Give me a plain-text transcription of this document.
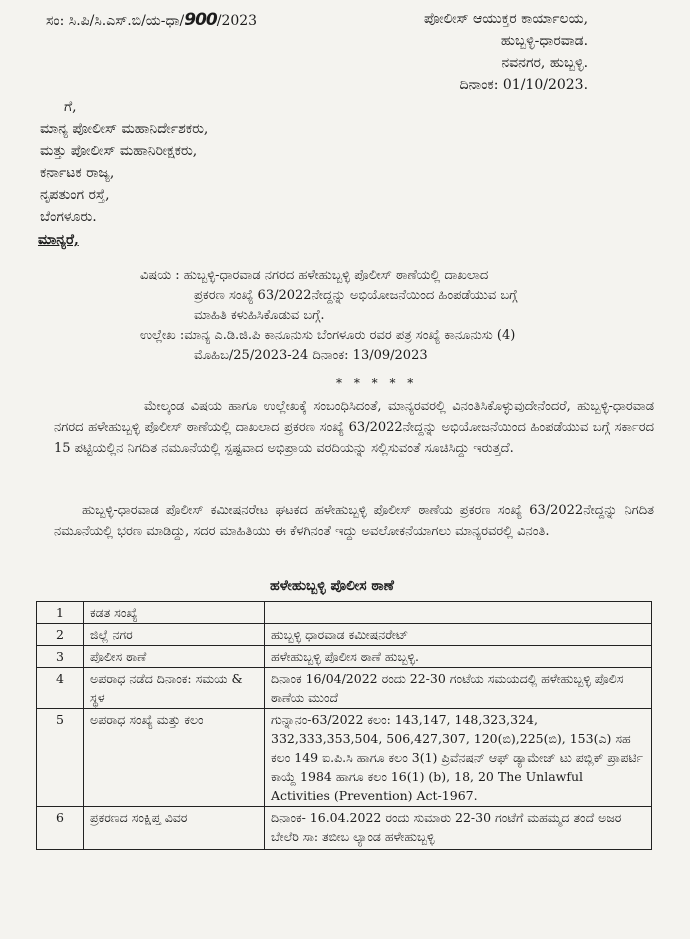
ಸಂ: ಸಿ.ಪಿ/ಸಿ.ಎಸ್.ಬಿ/ಯ-ಧಾ/900/2023	ಪೋಲೀಸ್ ಆಯುಕ್ತರ ಕಾರ್ಯಾಲಯ,
ಹುಬ್ಬಳ್ಳಿ-ಧಾರವಾಡ.
ನವನಗರ, ಹುಬ್ಬಳ್ಳಿ.
ದಿನಾಂಕ: 01/10/2023.
ಗೆ,
ಮಾನ್ಯ ಪೋಲೀಸ್ ಮಹಾನಿರ್ದೇಶಕರು,
ಮತ್ತು ಪೋಲೀಸ್ ಮಹಾನಿರೀಕ್ಷಕರು,
ಕರ್ನಾಟಕ ರಾಜ್ಯ,
ನೃಪತುಂಗ ರಸ್ತೆ,
ಬೆಂಗಳೂರು.
ಮಾನ್ಯರೆ,
ವಿಷಯ : ಹುಬ್ಬಳ್ಳಿ-ಧಾರವಾಡ ನಗರದ ಹಳೇಹುಬ್ಬಳ್ಳಿ ಪೊಲೀಸ್ ಠಾಣೆಯಲ್ಲಿ ದಾಖಲಾದ
ಪ್ರಕರಣ ಸಂಖ್ಯೆ 63/2022ನೇದ್ದನ್ನು ಅಭಿಯೋಜನೆಯಿಂದ ಹಿಂಪಡೆಯುವ ಬಗ್ಗೆ
ಮಾಹಿತಿ ಕಳುಹಿಸಿಕೊಡುವ ಬಗ್ಗೆ.
ಉಲ್ಲೇಖ :ಮಾನ್ಯ ಎ.ಡಿ.ಜಿ.ಪಿ ಕಾನೂನುಸು ಬೆಂಗಳೂರು ರವರ ಪತ್ರ ಸಂಖ್ಯೆ ಕಾನೂನುಸು (4)
ಮೊಹಿಬ/25/2023-24 ದಿನಾಂಕ: 13/09/2023
* * * * *
ಮೇಲ್ಕಂಡ ವಿಷಯ ಹಾಗೂ ಉಲ್ಲೇಖಕ್ಕೆ ಸಂಬಂಧಿಸಿದಂತೆ, ಮಾನ್ಯರವರಲ್ಲಿ ವಿನಂತಿಸಿಕೊಳ್ಳುವುದೇನೆಂದರೆ, ಹುಬ್ಬಳ್ಳಿ-ಧಾರವಾಡ ನಗರದ ಹಳೇಹುಬ್ಬಳ್ಳಿ ಪೊಲೀಸ್ ಠಾಣೆಯಲ್ಲಿ ದಾಖಲಾದ ಪ್ರಕರಣ ಸಂಖ್ಯೆ 63/2022ನೇದ್ದನ್ನು ಅಭಿಯೋಜನೆಯಿಂದ ಹಿಂಪಡೆಯುವ ಬಗ್ಗೆ ಸರ್ಕಾರದ 15 ಪಟ್ಟಿಯಲ್ಲಿನ ನಿಗದಿತ ನಮೂನೆಯಲ್ಲಿ ಸ್ಪಷ್ಟವಾದ ಅಭಿಪ್ರಾಯ ವರದಿಯನ್ನು ಸಲ್ಲಿಸುವಂತೆ ಸೂಚಿಸಿದ್ದು ಇರುತ್ತದೆ.
ಹುಬ್ಬಳ್ಳಿ-ಧಾರವಾಡ ಪೊಲೀಸ್ ಕಮೀಷನರೇಟ ಘಟಕದ ಹಳೇಹುಬ್ಬಳ್ಳಿ ಪೊಲೀಸ್ ಠಾಣೆಯ ಪ್ರಕರಣ ಸಂಖ್ಯೆ 63/2022ನೇದ್ದನ್ನು ನಿಗದಿತ ನಮೂನೆಯಲ್ಲಿ ಭರಣ ಮಾಡಿದ್ದು, ಸದರ ಮಾಹಿತಿಯು ಈ ಕೆಳಗಿನಂತೆ ಇದ್ದು ಅವಲೋಕನೆಯಾಗಲು ಮಾನ್ಯರವರಲ್ಲಿ ವಿನಂತಿ.
ಹಳೇಹುಬ್ಬಳ್ಳಿ ಪೊಲೀಸ ಠಾಣೆ
1	ಕಡತ ಸಂಖ್ಯೆ	
2	ಜಿಲ್ಲೆ ನಗರ	ಹುಬ್ಬಳ್ಳಿ ಧಾರವಾಡ ಕಮೀಷನರೇಟ್
3	ಪೊಲೀಸ ಠಾಣೆ	ಹಳೇಹುಬ್ಬಳ್ಳಿ ಪೊಲೀಸ ಠಾಣೆ ಹುಬ್ಬಳ್ಳಿ.
4	ಅಪರಾಧ ನಡೆದ ದಿನಾಂಕ: ಸಮಯ & ಸ್ಥಳ	ದಿನಾಂಕ 16/04/2022 ರಂದು 22-30 ಗಂಟೆಯ ಸಮಯದಲ್ಲಿ ಹಳೇಹುಬ್ಬಳ್ಳಿ ಪೊಲಿಸ ಠಾಣೆಯ ಮುಂದೆ
5	ಅಪರಾಧ ಸಂಖ್ಯೆ ಮತ್ತು ಕಲಂ	ಗುನ್ನಾನಂ-63/2022 ಕಲಂ: 143,147, 148,323,324, 332,333,353,504, 506,427,307, 120(ಬಿ),225(ಬಿ), 153(ಎ) ಸಹ ಕಲಂ 149 ಐ.ಪಿ.ಸಿ ಹಾಗೂ ಕಲಂ 3(1) ಪ್ರಿವೆನಷನ್ ಆಫ್ ಡ್ಯಾಮೇಜ್ ಟು ಪಬ್ಲಿಕ್ ಪ್ರಾಪರ್ಟಿ ಕಾಯ್ದೆ 1984 ಹಾಗೂ ಕಲಂ 16(1) (b), 18, 20 The Unlawful Activities (Prevention) Act-1967.
6	ಪ್ರಕರಣದ ಸಂಕ್ಷಿಪ್ತ ವಿವರ	ದಿನಾಂಕ- 16.04.2022 ರಂದು ಸುಮಾರು 22-30 ಗಂಟೆಗೆ ಮಹಮ್ಮದ ತಂದೆ ಅಜರ ಬೇಲೆರಿ ಸಾ: ತಬೀಬ ಲ್ಯಾಂಡ ಹಳೇಹುಬ್ಬಳ್ಳಿ
